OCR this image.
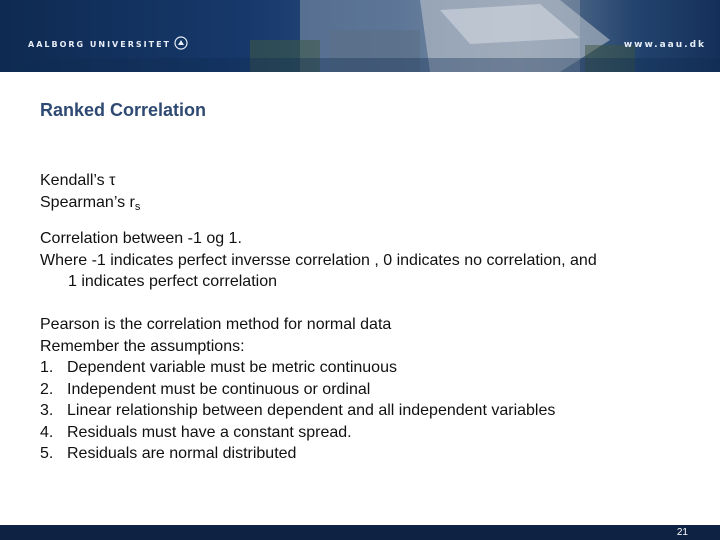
AALBORG UNIVERSITET	www.aau.dk
Ranked Correlation
Kendall’s τ
Spearman’s $r_s$
Correlation between -1 og 1.
Where -1 indicates perfect inversse correlation , 0 indicates no correlation, and
1 indicates perfect correlation
Pearson is the correlation method for normal data
Remember the assumptions:
1. Dependent variable must be metric continuous
2. Independent must be continuous or ordinal
3. Linear relationship between dependent and all independent variables
4. Residuals must have a constant spread.
5. Residuals are normal distributed
21
